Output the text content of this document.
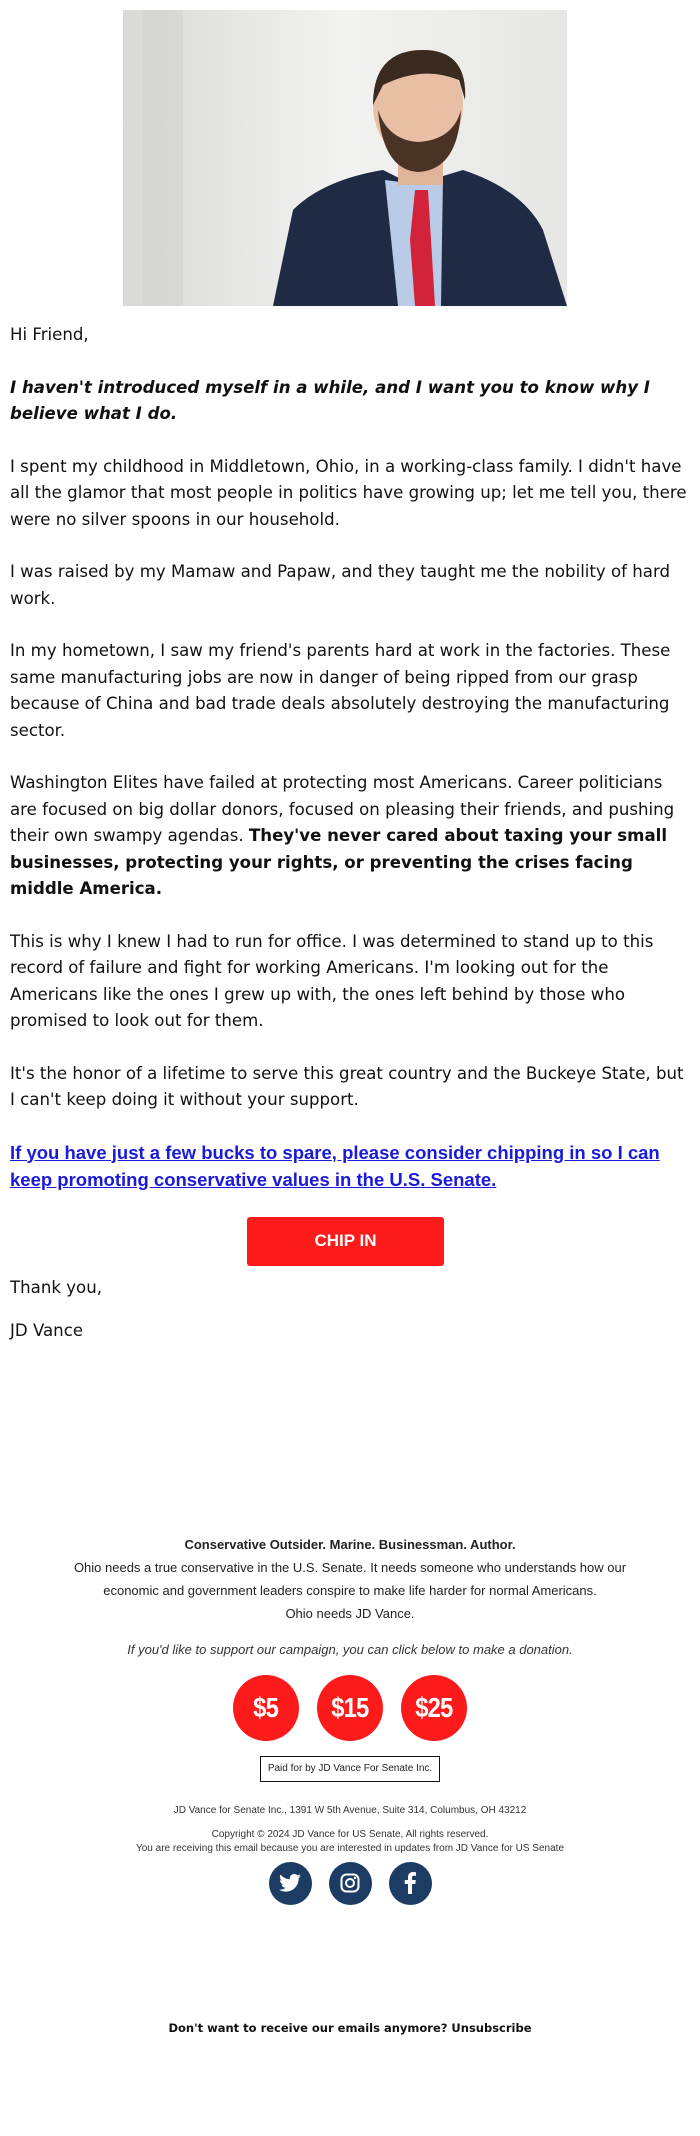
Hi Friend,

I haven't introduced myself in a while, and I want you to know why I believe what I do.

I spent my childhood in Middletown, Ohio, in a working-class family. I didn't have all the glamor that most people in politics have growing up; let me tell you, there were no silver spoons in our household.

I was raised by my Mamaw and Papaw, and they taught me the nobility of hard work.

In my hometown, I saw my friend's parents hard at work in the factories. These same manufacturing jobs are now in danger of being ripped from our grasp because of China and bad trade deals absolutely destroying the manufacturing sector.

Washington Elites have failed at protecting most Americans. Career politicians are focused on big dollar donors, focused on pleasing their friends, and pushing their own swampy agendas. They've never cared about taxing your small businesses, protecting your rights, or preventing the crises facing middle America.

This is why I knew I had to run for office. I was determined to stand up to this record of failure and fight for working Americans. I'm looking out for the Americans like the ones I grew up with, the ones left behind by those who promised to look out for them.

It's the honor of a lifetime to serve this great country and the Buckeye State, but I can't keep doing it without your support.

If you have just a few bucks to spare, please consider chipping in so I can keep promoting conservative values in the U.S. Senate.

CHIP IN
Thank you,
JD Vance
Conservative Outsider. Marine. Businessman. Author.
Ohio needs a true conservative in the U.S. Senate. It needs someone who understands how our economic and government leaders conspire to make life harder for normal Americans.
Ohio needs JD Vance.
If you'd like to support our campaign, you can click below to make a donation.
$5 $15 $25
Paid for by JD Vance For Senate Inc.
JD Vance for Senate Inc., 1391 W 5th Avenue, Suite 314, Columbus, OH 43212
Copyright © 2024 JD Vance for US Senate, All rights reserved.
You are receiving this email because you are interested in updates from JD Vance for US Senate
Don't want to receive our emails anymore? Unsubscribe
